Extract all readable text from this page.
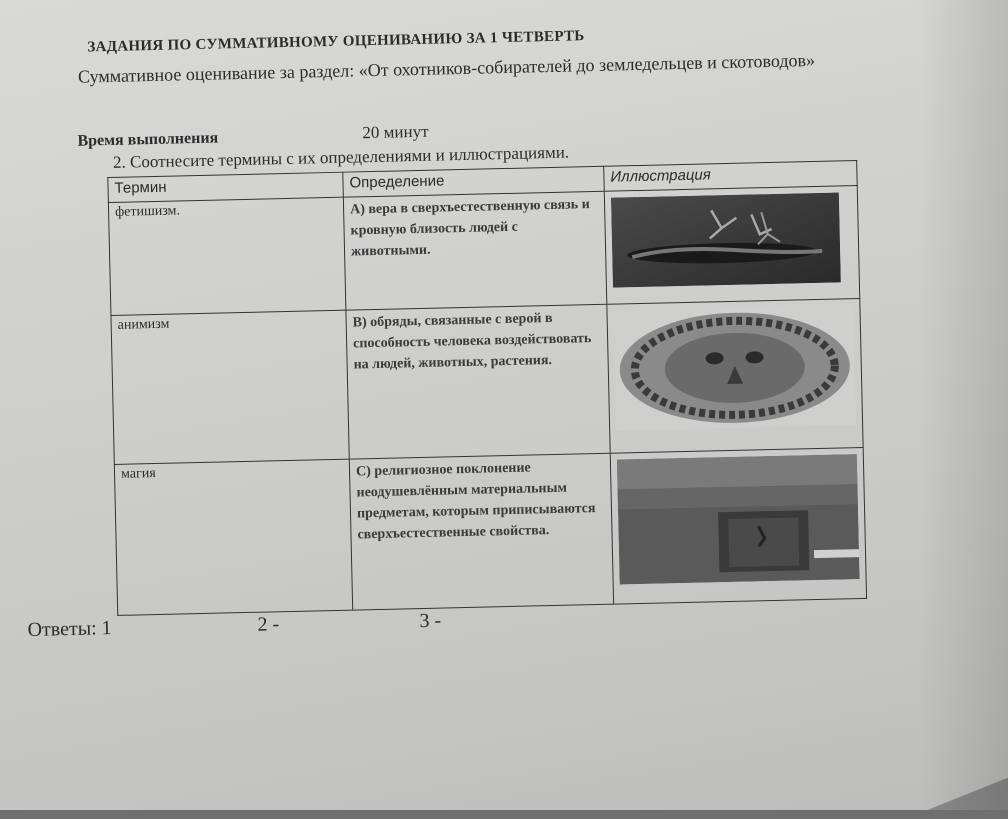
ЗАДАНИЯ ПО СУММАТИВНОМУ ОЦЕНИВАНИЮ ЗА 1 ЧЕТВЕРТЬ
Суммативное оценивание за раздел: «От охотников-собирателей до земледельцев и скотоводов»
Время выполнения	20 минут
2. Соотнесите термины с их определениями и иллюстрациями.
Термин	Определение	Иллюстрация
фетишизм.	А) вера в сверхъестественную связь и кровную близость людей с животными.	

анимизм	В) обряды, связанные с верой в способность человека воздействовать на людей, животных, растения.	

магия	С) религиозное поклонение неодушевлённым материальным предметам, которым приписываются сверхъестественные свойства.	
Ответы: 1	2 -	3 -
